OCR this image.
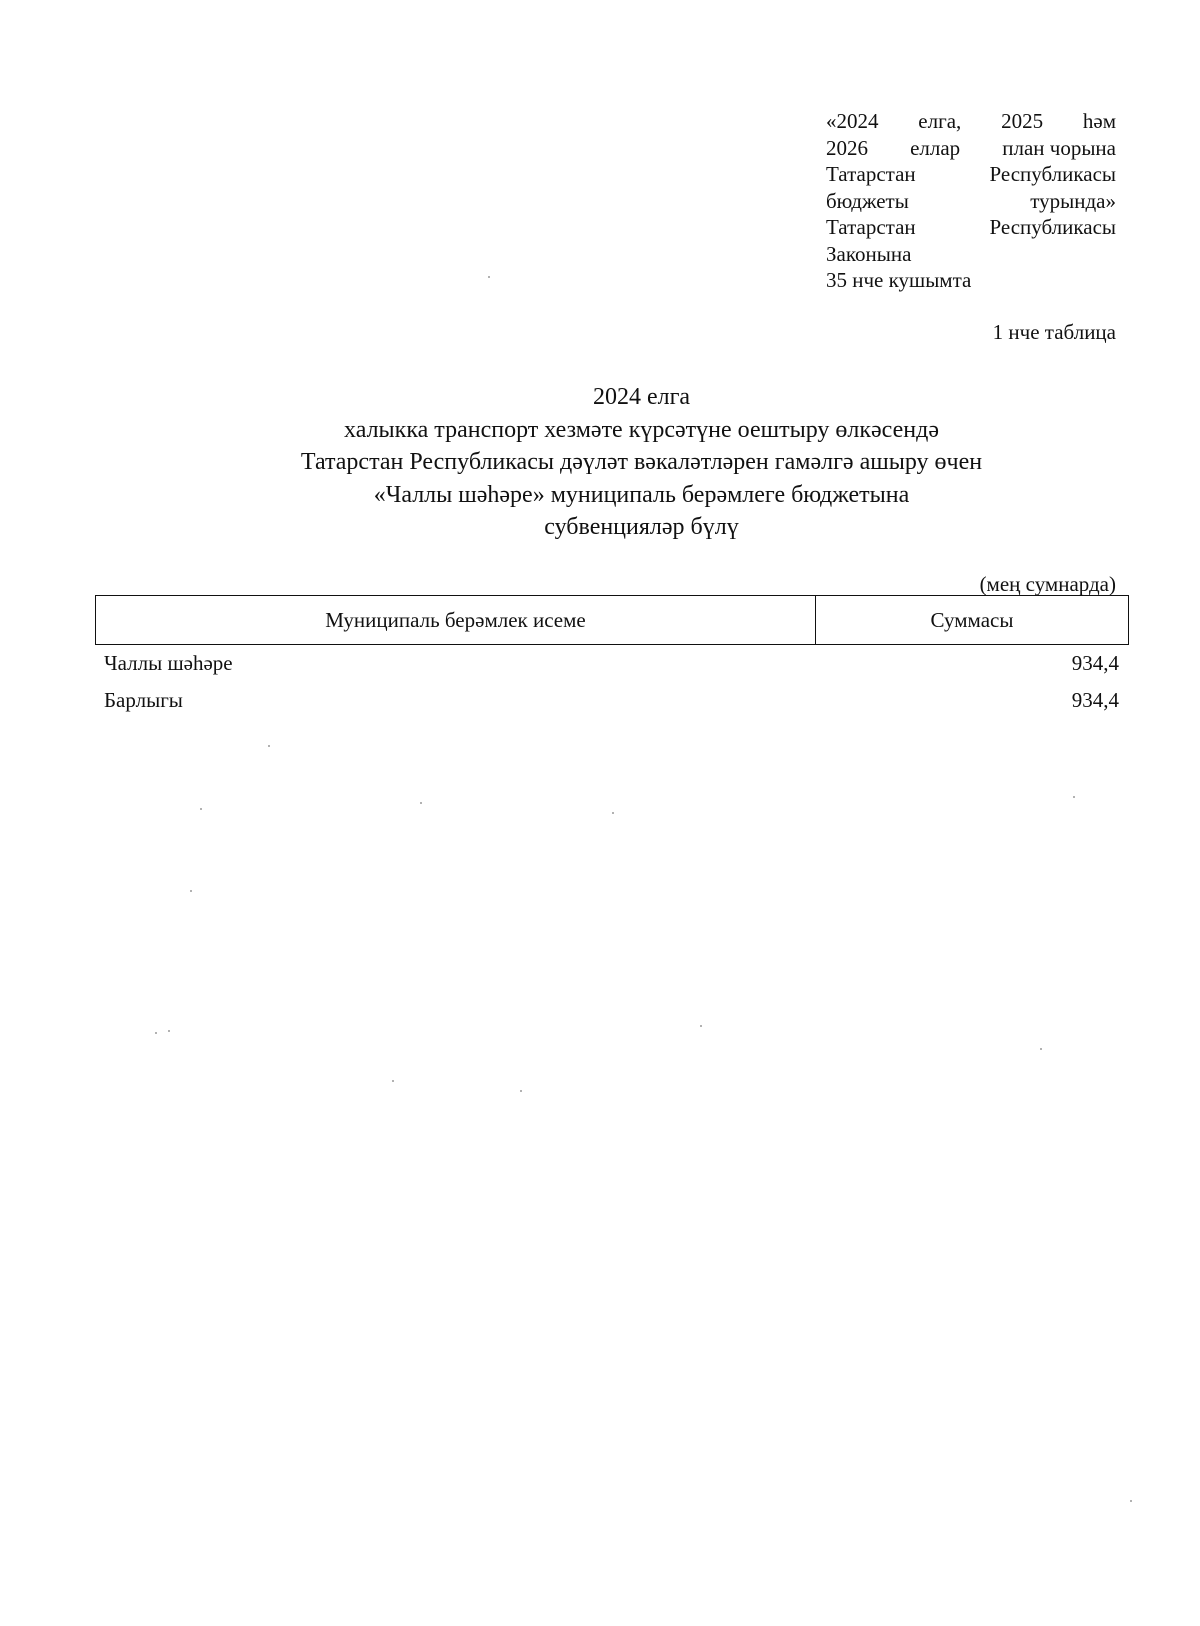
«2024 елга, 2025 һәм
2026 еллар план чорына
Татарстан	Республикасы
бюджеты	турында»
Татарстан	Республикасы
Законына
35 нче кушымта
1 нче таблица
2024 елга
халыкка транспорт хезмәте күрсәтүне оештыру өлкәсендә
Татарстан Республикасы дәүләт вәкаләтләрен гамәлгә ашыру өчен
«Чаллы шәһәре» муниципаль берәмлеге бюджетына
субвенцияләр бүлү
(мең сумнарда)
Муниципаль берәмлек исеме	Суммасы
Чаллы шәһәре	934,4
Барлыгы	934,4
